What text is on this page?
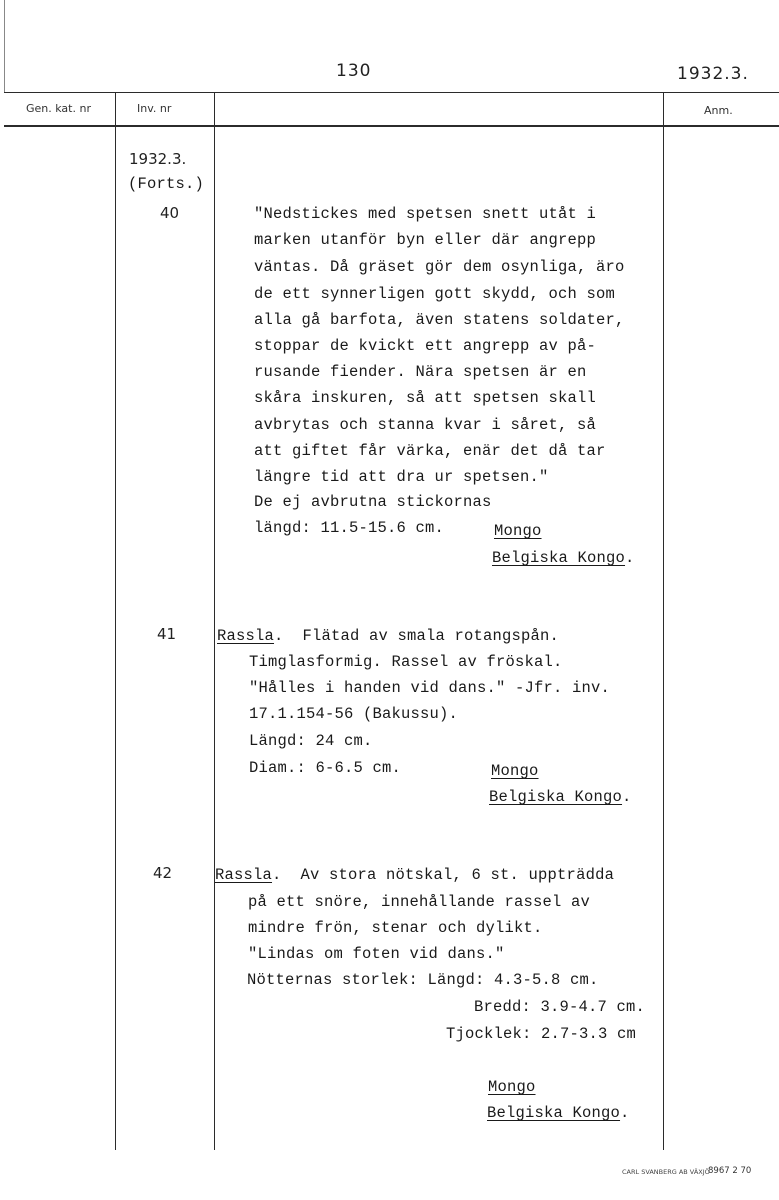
130	1932.3.
Gen. kat. nr	Inv. nr	Anm.
1932.3.
(Forts.)
40	"Nedstickes med spetsen snett utåt i
marken utanför byn eller där angrepp
väntas. Då gräset gör dem osynliga, äro
de ett synnerligen gott skydd, och som
alla gå barfota, även statens soldater,
stoppar de kvickt ett angrepp av på-
rusande fiender. Nära spetsen är en
skåra inskuren, så att spetsen skall
avbrytas och stanna kvar i såret, så
att giftet får värka, enär det då tar
längre tid att dra ur spetsen."
De ej avbrutna stickornas
längd: 11.5-15.6 cm.	Mongo
Belgiska Kongo.
41	Rassla.  Flätad av smala rotangspån.
Timglasformig. Rassel av fröskal.
"Hålles i handen vid dans." -Jfr. inv.
17.1.154-56 (Bakussu).
Längd: 24 cm.
Diam.: 6-6.5 cm.	Mongo
Belgiska Kongo.
42	Rassla.  Av stora nötskal, 6 st. uppträdda
på ett snöre, innehållande rassel av
mindre frön, stenar och dylikt.
"Lindas om foten vid dans."
Nötternas storlek: Längd: 4.3-5.8 cm.
Bredd: 3.9-4.7 cm.
Tjocklek: 2.7-3.3 cm
Mongo
Belgiska Kongo.
CARL SVANBERG AB VÄXJÖ
8967 2 70
